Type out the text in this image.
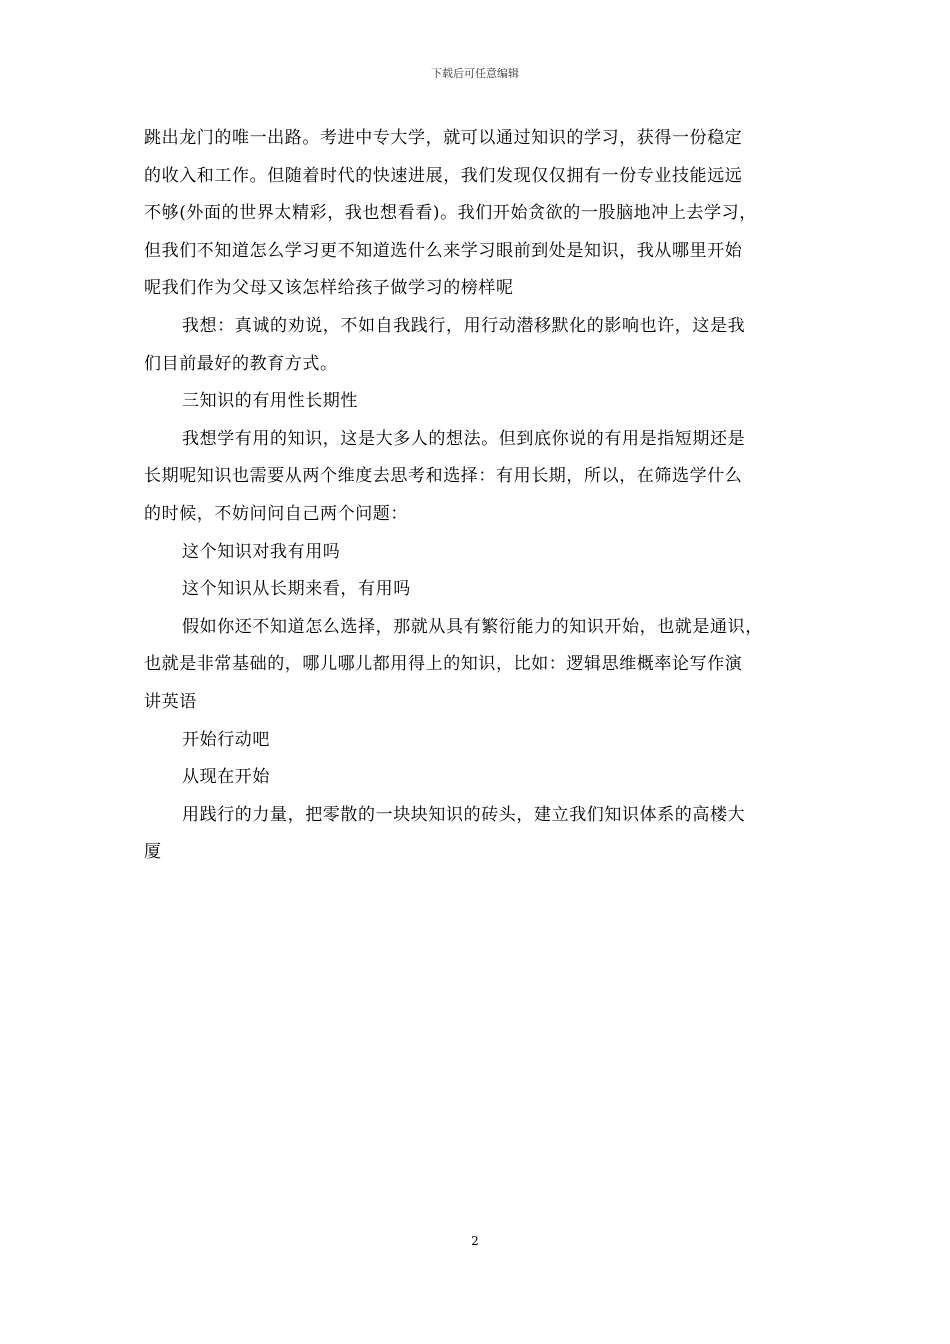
下载后可任意编辑
跳出龙门的唯一出路。考进中专大学，就可以通过知识的学习，获得一份稳定
的收入和工作。但随着时代的快速进展，我们发现仅仅拥有一份专业技能远远
不够(外面的世界太精彩，我也想看看)。我们开始贪欲的一股脑地冲上去学习，
但我们不知道怎么学习更不知道选什么来学习眼前到处是知识，我从哪里开始
呢我们作为父母又该怎样给孩子做学习的榜样呢
我想：真诚的劝说，不如自我践行，用行动潜移默化的影响也许，这是我
们目前最好的教育方式。
三知识的有用性长期性
我想学有用的知识，这是大多人的想法。但到底你说的有用是指短期还是
长期呢知识也需要从两个维度去思考和选择：有用长期，所以，在筛选学什么
的时候，不妨问问自己两个问题：
这个知识对我有用吗
这个知识从长期来看，有用吗
假如你还不知道怎么选择，那就从具有繁衍能力的知识开始，也就是通识，
也就是非常基础的，哪儿哪儿都用得上的知识，比如：逻辑思维概率论写作演
讲英语
开始行动吧
从现在开始
用践行的力量，把零散的一块块知识的砖头，建立我们知识体系的高楼大
厦
2
